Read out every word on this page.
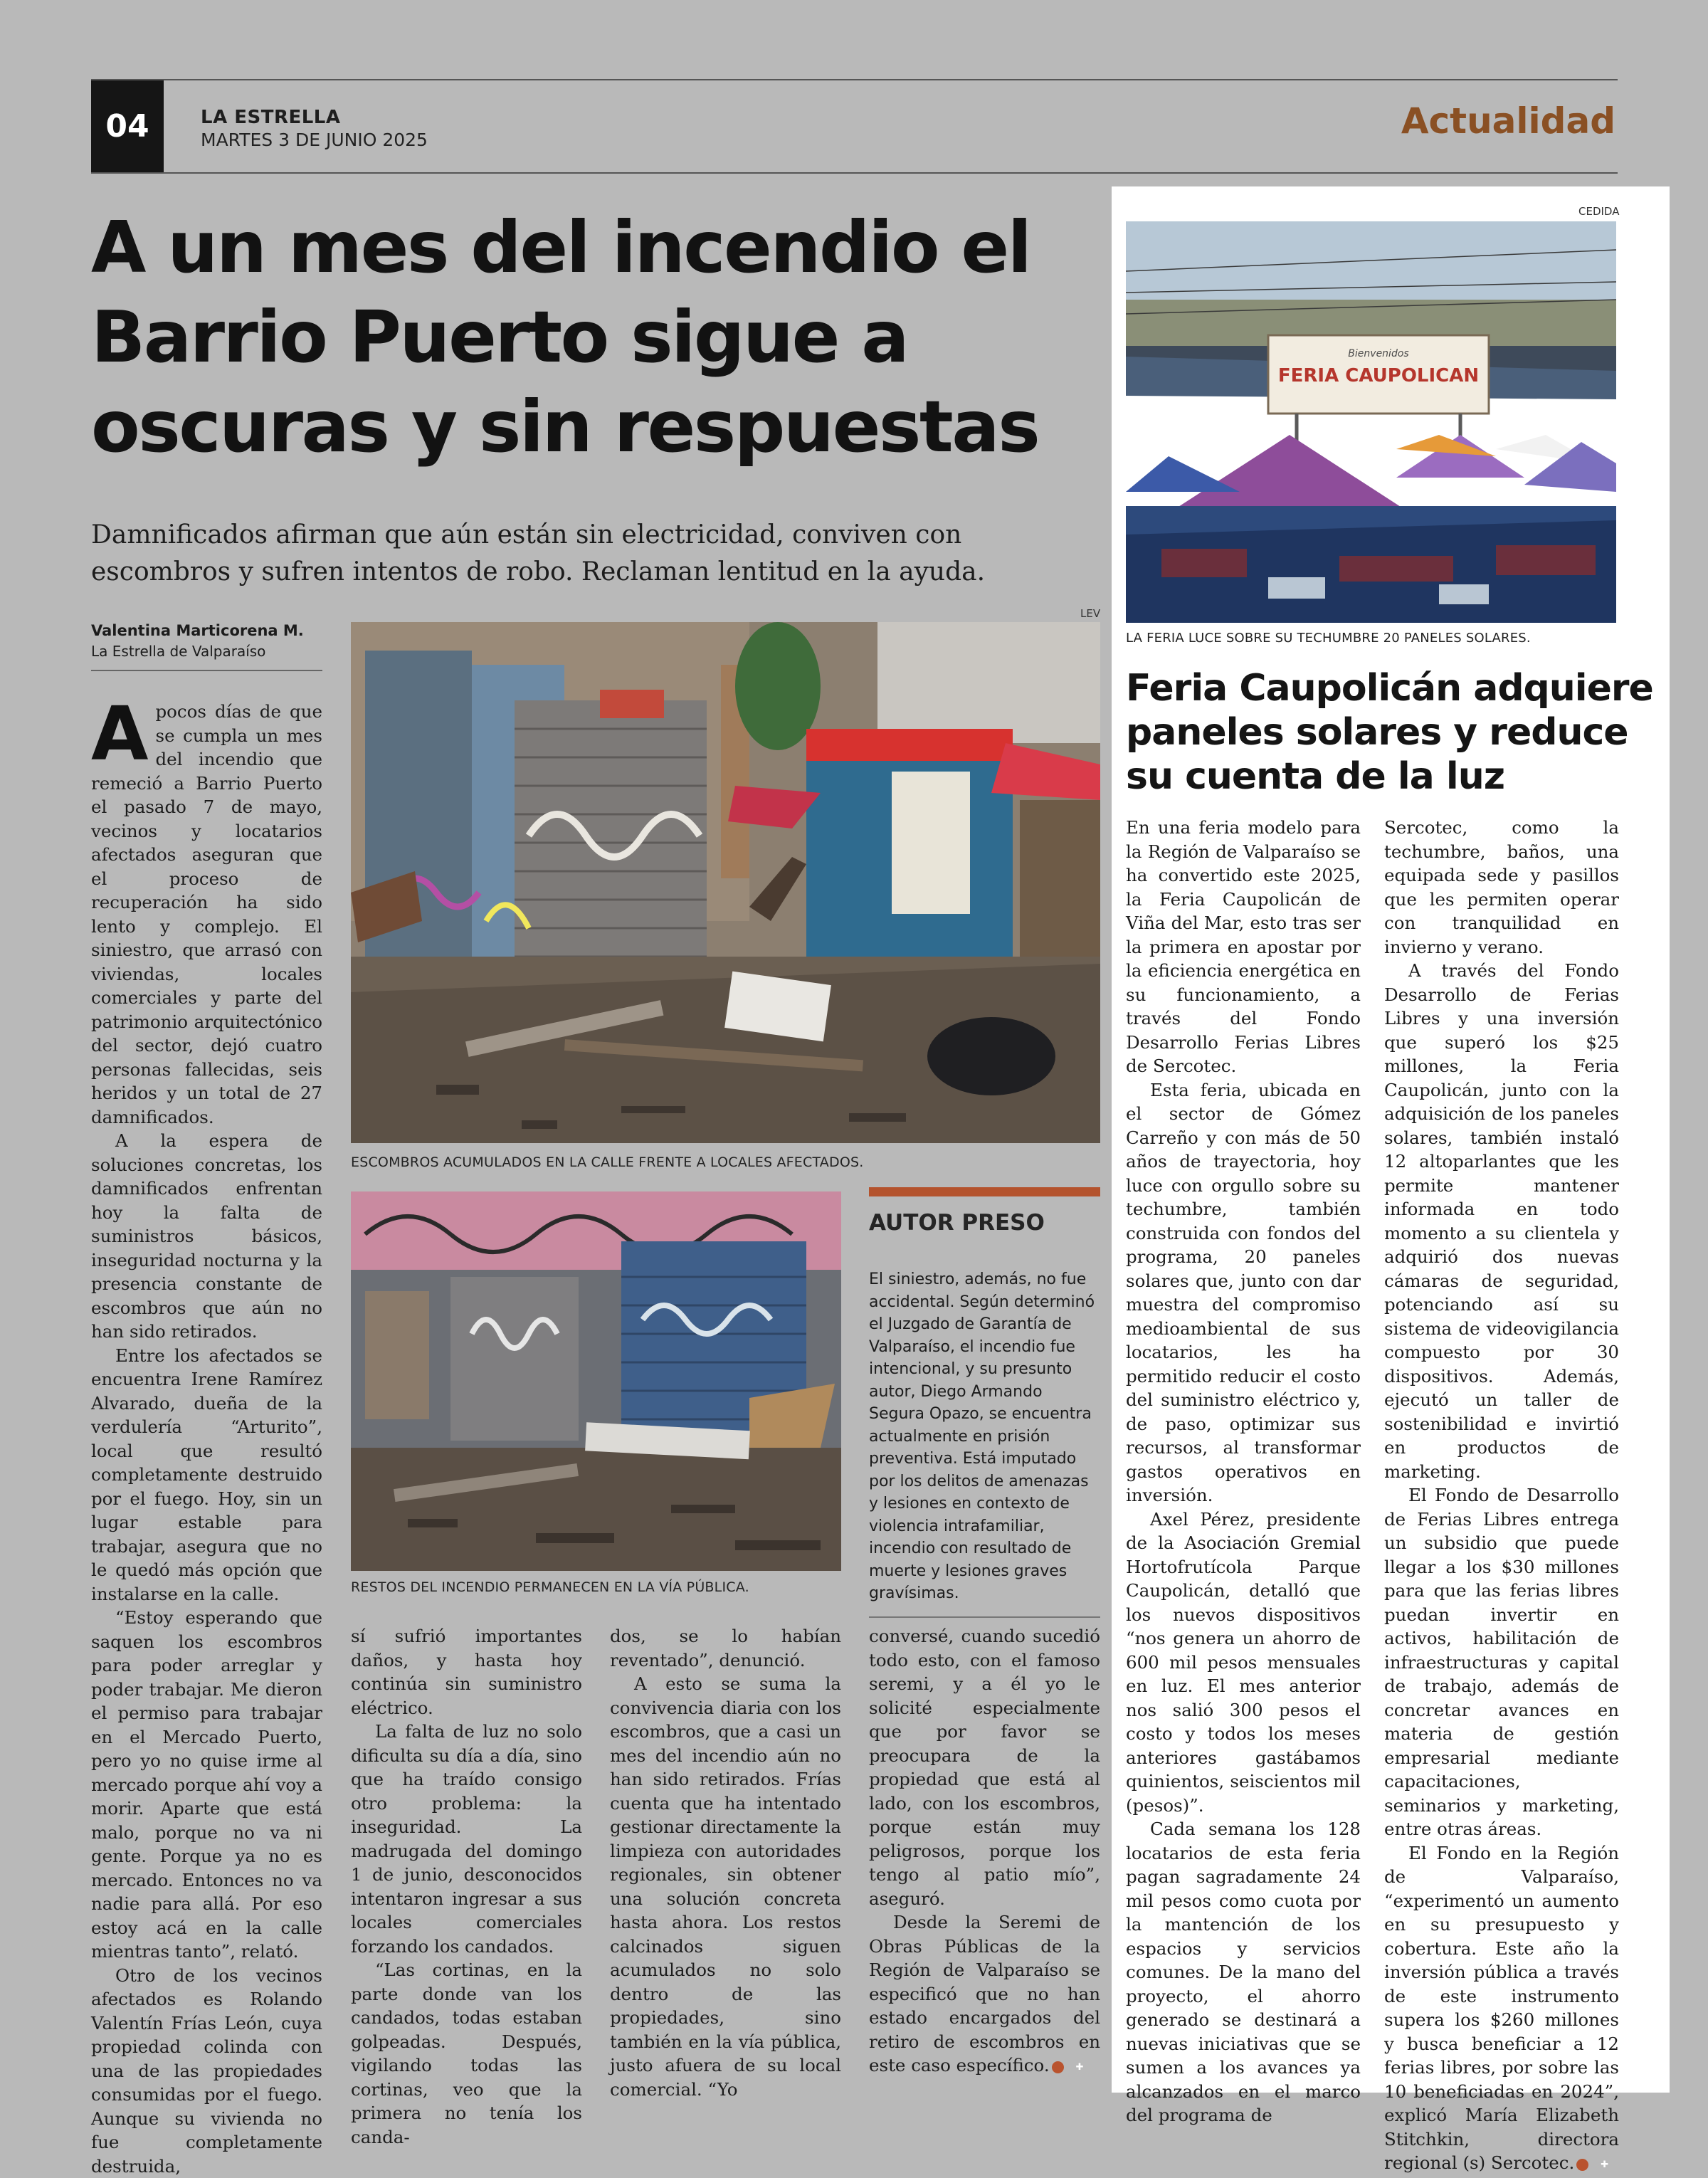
04	LA ESTRELLA
MARTES 3 DE JUNIO 2025	Actualidad
A un mes del incendio el Barrio Puerto sigue a oscuras y sin respuestas

Damnificados afirman que aún están sin electricidad, conviven con escombros y sufren intentos de robo. Reclaman lentitud en la ayuda.

Valentina Marticorena M.
La Estrella de Valparaíso
LEV
ESCOMBROS ACUMULADOS EN LA CALLE FRENTE A LOCALES AFECTADOS.
RESTOS DEL INCENDIO PERMANECEN EN LA VÍA PÚBLICA.

Apocos días de que se cumpla un mes del incendio que remeció a Barrio Puerto el pasado 7 de mayo, vecinos y locatarios afectados aseguran que el proceso de recuperación ha sido lento y complejo. El siniestro, que arrasó con viviendas, locales comerciales y parte del patrimonio arquitectónico del sector, dejó cuatro personas fallecidas, seis heridos y un total de 27 damnificados.

A la espera de soluciones concretas, los damnificados enfrentan hoy la falta de suministros básicos, inseguridad nocturna y la presencia constante de escombros que aún no han sido retirados.

Entre los afectados se encuentra Irene Ramírez Alvarado, dueña de la verdulería “Arturito”, local que resultó completamente destruido por el fuego. Hoy, sin un lugar estable para trabajar, asegura que no le quedó más opción que instalarse en la calle.

“Estoy esperando que saquen los escombros para poder arreglar y poder trabajar. Me dieron el permiso para trabajar en el Mercado Puerto, pero yo no quise irme al mercado porque ahí voy a morir. Aparte que está malo, porque no va ni gente. Porque ya no es mercado. Entonces no va nadie para allá. Por eso estoy acá en la calle mientras tanto”, relató.

Otro de los vecinos afectados es Rolando Valentín Frías León, cuya propiedad colinda con una de las propiedades consumidas por el fuego. Aunque su vivienda no fue completamente destruida,

sí sufrió importantes daños, y hasta hoy continúa sin suministro eléctrico.

La falta de luz no solo dificulta su día a día, sino que ha traído consigo otro problema: la inseguridad. La madrugada del domingo 1 de junio, desconocidos intentaron ingresar a sus locales comerciales forzando los candados.

“Las cortinas, en la parte donde van los candados, todas estaban golpeadas. Después, vigilando todas las cortinas, veo que la primera no tenía los canda-

dos, se lo habían reventado”, denunció.

A esto se suma la convivencia diaria con los escombros, que a casi un mes del incendio aún no han sido retirados. Frías cuenta que ha intentado gestionar directamente la limpieza con autoridades regionales, sin obtener una solución concreta hasta ahora. Los restos calcinados siguen acumulados no solo dentro de las propiedades, sino también en la vía pública, justo afuera de su local comercial. “Yo

AUTOR PRESO
El siniestro, además, no fue accidental. Según determinó el Juzgado de Garantía de Valparaíso, el incendio fue intencional, y su presunto autor, Diego Armando Segura Opazo, se encuentra actualmente en prisión preventiva. Está imputado por los delitos de amenazas y lesiones en contexto de violencia intrafamiliar, incendio con resultado de muerte y lesiones graves gravísimas.

conversé, cuando sucedió todo esto, con el famoso seremi, y a él yo le solicité especialmente que por favor se preocupara de la propiedad que está al lado, con los escombros, porque están muy peligrosos, porque los tengo al patio mío”, aseguró.

Desde la Seremi de Obras Públicas de la Región de Valparaíso se especificó que no han estado encargados del retiro de escombros en este caso específico.	✚

CEDIDA
Bienvenidos
FERIA CAUPOLICAN
LA FERIA LUCE SOBRE SU TECHUMBRE 20 PANELES SOLARES.
Feria Caupolicán adquiere paneles solares y reduce su cuenta de la luz

En una feria modelo para la Región de Valparaíso se ha convertido este 2025, la Feria Caupolicán de Viña del Mar, esto tras ser la primera en apostar por la eficiencia energética en su funcionamiento, a través del Fondo Desarrollo Ferias Libres de Sercotec.

Esta feria, ubicada en el sector de Gómez Carreño y con más de 50 años de trayectoria, hoy luce con orgullo sobre su techumbre, también construida con fondos del programa, 20 paneles solares que, junto con dar muestra del compromiso medioambiental de sus locatarios, les ha permitido reducir el costo del suministro eléctrico y, de paso, optimizar sus recursos, al transformar gastos operativos en inversión.

Axel Pérez, presidente de la Asociación Gremial Hortofrutícola Parque Caupolicán, detalló que los nuevos dispositivos “nos genera un ahorro de 600 mil pesos mensuales en luz. El mes anterior nos salió 300 pesos el costo y todos los meses anteriores gastábamos quinientos, seiscientos mil (pesos)”.

Cada semana los 128 locatarios de esta feria pagan sagradamente 24 mil pesos como cuota por la mantención de los espacios y servicios comunes. De la mano del proyecto, el ahorro generado se destinará a nuevas iniciativas que se sumen a los avances ya alcanzados en el marco del programa de

Sercotec, como la techumbre, baños, una equipada sede y pasillos que les permiten operar con tranquilidad en invierno y verano.

A través del Fondo Desarrollo de Ferias Libres y una inversión que superó los $25 millones, la Feria Caupolicán, junto con la adquisición de los paneles solares, también instaló 12 altoparlantes que les permite mantener informada en todo momento a su clientela y adquirió dos nuevas cámaras de seguridad, potenciando así su sistema de videovigilancia compuesto por 30 dispositivos. Además, ejecutó un taller de sostenibilidad e invirtió en productos de marketing.

El Fondo de Desarrollo de Ferias Libres entrega un subsidio que puede llegar a los $30 millones para que las ferias libres puedan invertir en activos, habilitación de infraestructuras y capital de trabajo, además de concretar avances en materia de gestión empresarial mediante capacitaciones, seminarios y marketing, entre otras áreas.

El Fondo en la Región de Valparaíso, “experimentó un aumento en su presupuesto y cobertura. Este año la inversión pública a través de este instrumento supera los $260 millones y busca beneficiar a 12 ferias libres, por sobre las 10 beneficiadas en 2024”, explicó María Elizabeth Stitchkin, directora regional (s) Sercotec.	✚
